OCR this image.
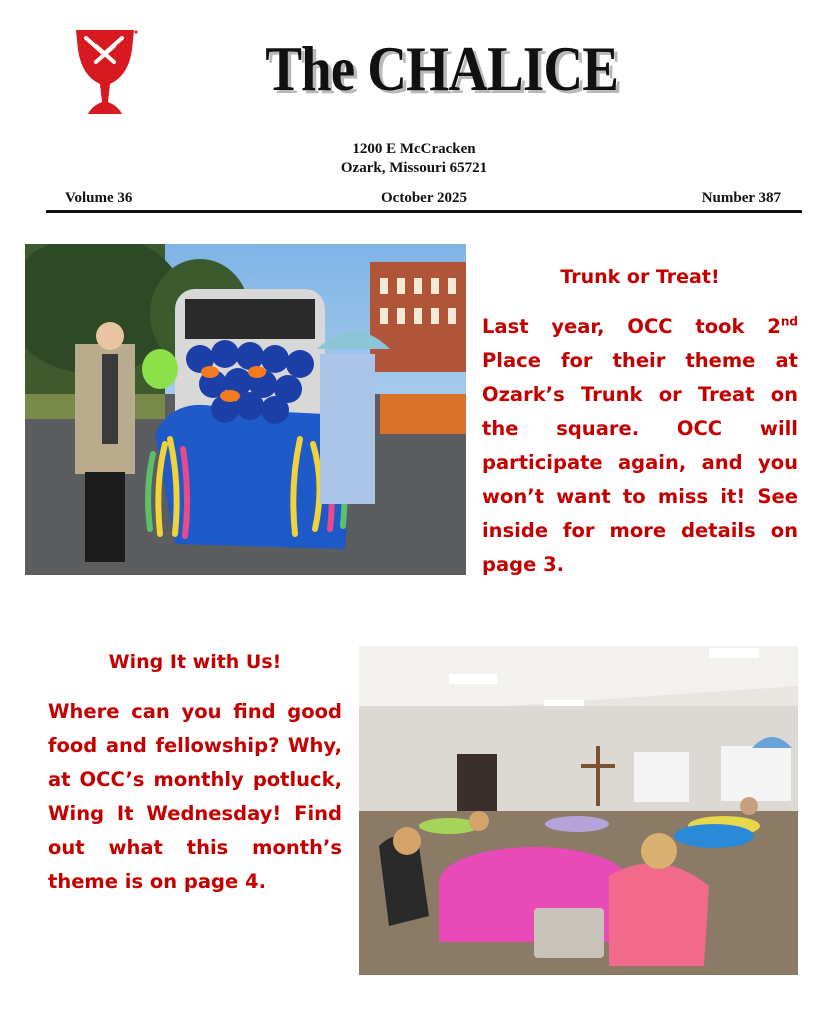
The CHALICE
1200 E McCracken
Ozark, Missouri 65721
Volume 36	October 2025	Number 387
Trunk or Treat!
Last year, OCC took 2nd Place for their theme at Ozark’s Trunk or Treat on the square. OCC will participate again, and you won’t want to miss it! See inside for more details on page 3.
Wing It with Us!
Where can you find good food and fellowship? Why, at OCC’s monthly potluck, Wing It Wednesday! Find out what this month’s theme is on page 4.
